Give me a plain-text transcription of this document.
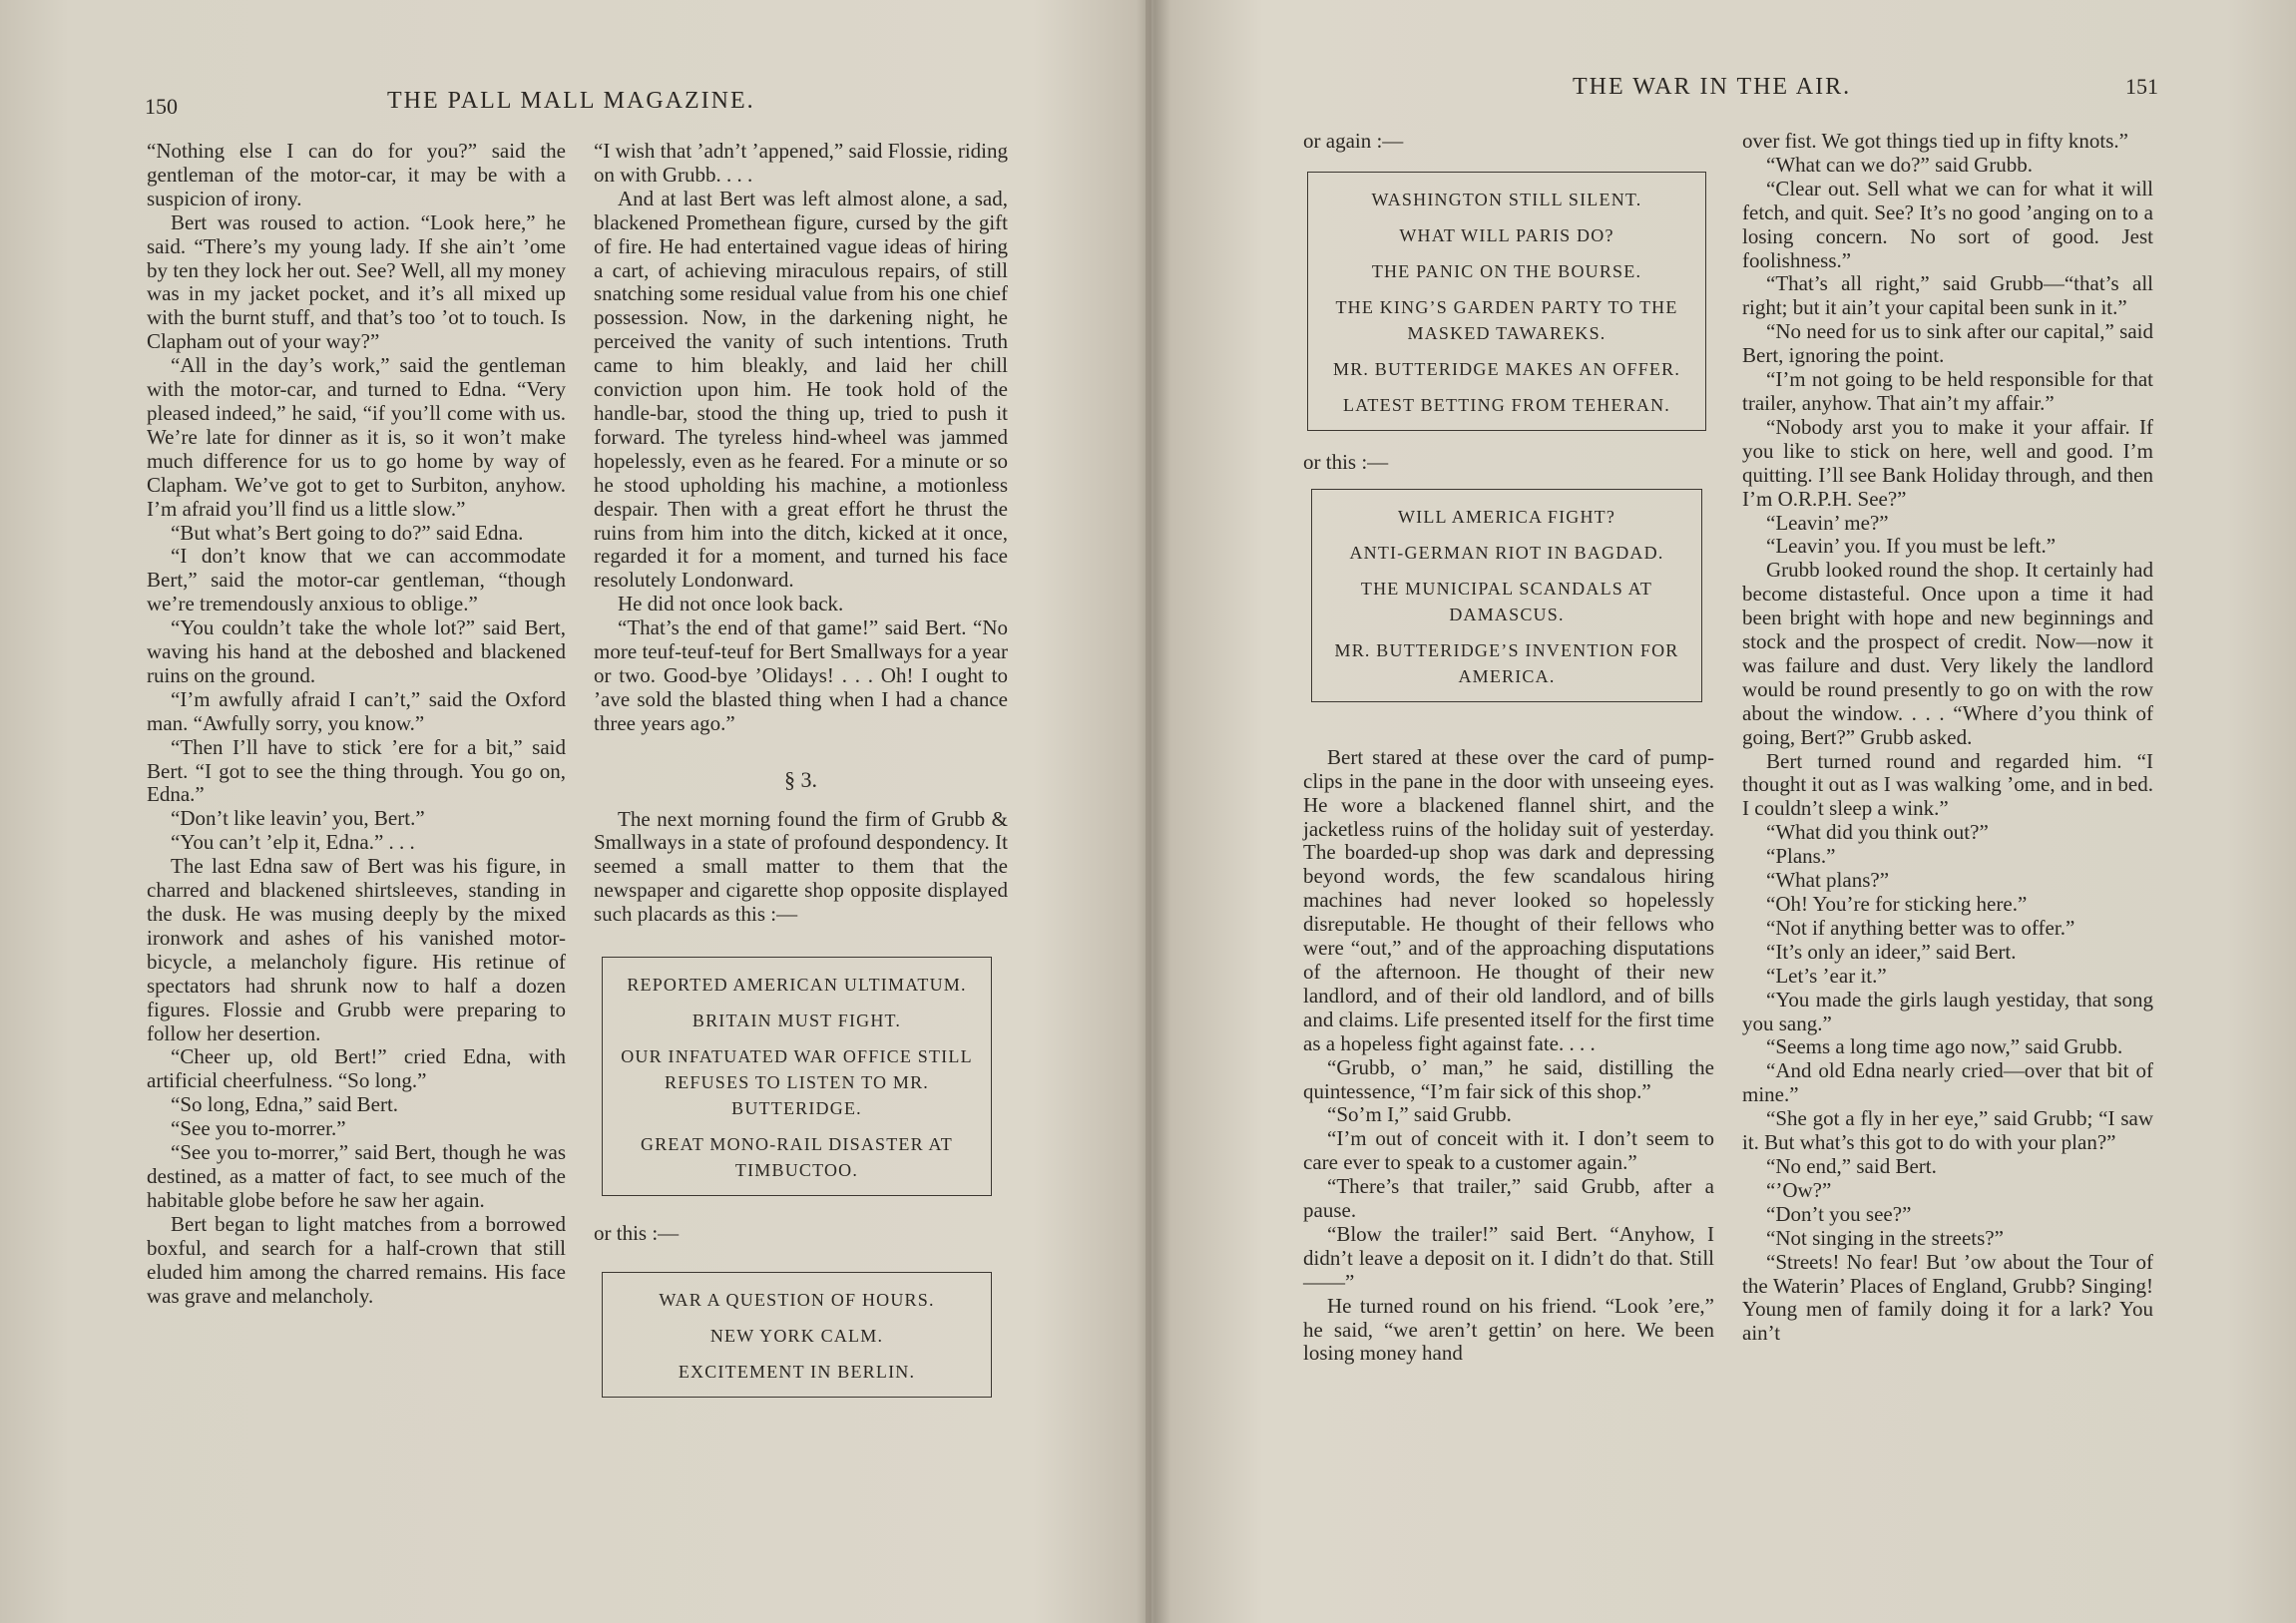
150	THE PALL MALL MAGAZINE.

“Nothing else I can do for you?” said the gentleman of the motor-car, it may be with a suspicion of irony.

Bert was roused to action. “Look here,” he said. “There’s my young lady. If she ain’t ’ome by ten they lock her out. See? Well, all my money was in my jacket pocket, and it’s all mixed up with the burnt stuff, and that’s too ’ot to touch. Is Clapham out of your way?”

“All in the day’s work,” said the gentleman with the motor-car, and turned to Edna. “Very pleased indeed,” he said, “if you’ll come with us. We’re late for dinner as it is, so it won’t make much difference for us to go home by way of Clapham. We’ve got to get to Surbiton, anyhow. I’m afraid you’ll find us a little slow.”

“But what’s Bert going to do?” said Edna.

“I don’t know that we can accommodate Bert,” said the motor-car gentleman, “though we’re tremendously anxious to oblige.”

“You couldn’t take the whole lot?” said Bert, waving his hand at the deboshed and blackened ruins on the ground.

“I’m awfully afraid I can’t,” said the Oxford man. “Awfully sorry, you know.”

“Then I’ll have to stick ’ere for a bit,” said Bert. “I got to see the thing through. You go on, Edna.”

“Don’t like leavin’ you, Bert.”

“You can’t ’elp it, Edna.” . . .

The last Edna saw of Bert was his figure, in charred and blackened shirtsleeves, standing in the dusk. He was musing deeply by the mixed ironwork and ashes of his vanished motor-bicycle, a melancholy figure. His retinue of spectators had shrunk now to half a dozen figures. Flossie and Grubb were preparing to follow her desertion.

“Cheer up, old Bert!” cried Edna, with artificial cheerfulness. “So long.”

“So long, Edna,” said Bert.

“See you to-morrer.”

“See you to-morrer,” said Bert, though he was destined, as a matter of fact, to see much of the habitable globe before he saw her again.

Bert began to light matches from a borrowed boxful, and search for a half-crown that still eluded him among the charred remains. His face was grave and melancholy.

“I wish that ’adn’t ’appened,” said Flossie, riding on with Grubb. . . .

And at last Bert was left almost alone, a sad, blackened Promethean figure, cursed by the gift of fire. He had entertained vague ideas of hiring a cart, of achieving miraculous repairs, of still snatching some residual value from his one chief possession. Now, in the darkening night, he perceived the vanity of such intentions. Truth came to him bleakly, and laid her chill conviction upon him. He took hold of the handle-bar, stood the thing up, tried to push it forward. The tyreless hind-wheel was jammed hopelessly, even as he feared. For a minute or so he stood upholding his machine, a motionless despair. Then with a great effort he thrust the ruins from him into the ditch, kicked at it once, regarded it for a moment, and turned his face resolutely Londonward.

He did not once look back.

“That’s the end of that game!” said Bert. “No more teuf-teuf-teuf for Bert Smallways for a year or two. Good-bye ’Olidays! . . . Oh! I ought to ’ave sold the blasted thing when I had a chance three years ago.”

§ 3.

The next morning found the firm of Grubb & Smallways in a state of profound despondency. It seemed a small matter to them that the newspaper and cigarette shop opposite displayed such placards as this :—

REPORTED AMERICAN ULTIMATUM.
BRITAIN MUST FIGHT.
OUR INFATUATED WAR OFFICE STILL REFUSES TO LISTEN TO MR. BUTTERIDGE.
GREAT MONO-RAIL DISASTER AT TIMBUCTOO.

or this :—

WAR A QUESTION OF HOURS.
NEW YORK CALM.
EXCITEMENT IN BERLIN.
THE WAR IN THE AIR.	151

or again :—

WASHINGTON STILL SILENT.
WHAT WILL PARIS DO?
THE PANIC ON THE BOURSE.
THE KING’S GARDEN PARTY TO THE MASKED TAWAREKS.
MR. BUTTERIDGE MAKES AN OFFER.
LATEST BETTING FROM TEHERAN.

or this :—

WILL AMERICA FIGHT?
ANTI-GERMAN RIOT IN BAGDAD.
THE MUNICIPAL SCANDALS AT DAMASCUS.
MR. BUTTERIDGE’S INVENTION FOR AMERICA.

Bert stared at these over the card of pump-clips in the pane in the door with unseeing eyes. He wore a blackened flannel shirt, and the jacketless ruins of the holiday suit of yesterday. The boarded-up shop was dark and depressing beyond words, the few scandalous hiring machines had never looked so hopelessly disreputable. He thought of their fellows who were “out,” and of the approaching disputations of the afternoon. He thought of their new landlord, and of their old landlord, and of bills and claims. Life presented itself for the first time as a hopeless fight against fate. . . .

“Grubb, o’ man,” he said, distilling the quintessence, “I’m fair sick of this shop.”

“So’m I,” said Grubb.

“I’m out of conceit with it. I don’t seem to care ever to speak to a customer again.”

“There’s that trailer,” said Grubb, after a pause.

“Blow the trailer!” said Bert. “Anyhow, I didn’t leave a deposit on it. I didn’t do that. Still——”

He turned round on his friend. “Look ’ere,” he said, “we aren’t gettin’ on here. We been losing money hand

over fist. We got things tied up in fifty knots.”

“What can we do?” said Grubb.

“Clear out. Sell what we can for what it will fetch, and quit. See? It’s no good ’anging on to a losing concern. No sort of good. Jest foolishness.”

“That’s all right,” said Grubb—“that’s all right; but it ain’t your capital been sunk in it.”

“No need for us to sink after our capital,” said Bert, ignoring the point.

“I’m not going to be held responsible for that trailer, anyhow. That ain’t my affair.”

“Nobody arst you to make it your affair. If you like to stick on here, well and good. I’m quitting. I’ll see Bank Holiday through, and then I’m O.R.P.H. See?”

“Leavin’ me?”

“Leavin’ you. If you must be left.”

Grubb looked round the shop. It certainly had become distasteful. Once upon a time it had been bright with hope and new beginnings and stock and the prospect of credit. Now—now it was failure and dust. Very likely the landlord would be round presently to go on with the row about the window. . . . “Where d’you think of going, Bert?” Grubb asked.

Bert turned round and regarded him. “I thought it out as I was walking ’ome, and in bed. I couldn’t sleep a wink.”

“What did you think out?”

“Plans.”

“What plans?”

“Oh! You’re for sticking here.”

“Not if anything better was to offer.”

“It’s only an ideer,” said Bert.

“Let’s ’ear it.”

“You made the girls laugh yestiday, that song you sang.”

“Seems a long time ago now,” said Grubb.

“And old Edna nearly cried—over that bit of mine.”

“She got a fly in her eye,” said Grubb; “I saw it. But what’s this got to do with your plan?”

“No end,” said Bert.

“’Ow?”

“Don’t you see?”

“Not singing in the streets?”

“Streets! No fear! But ’ow about the Tour of the Waterin’ Places of England, Grubb? Singing! Young men of family doing it for a lark? You ain’t
